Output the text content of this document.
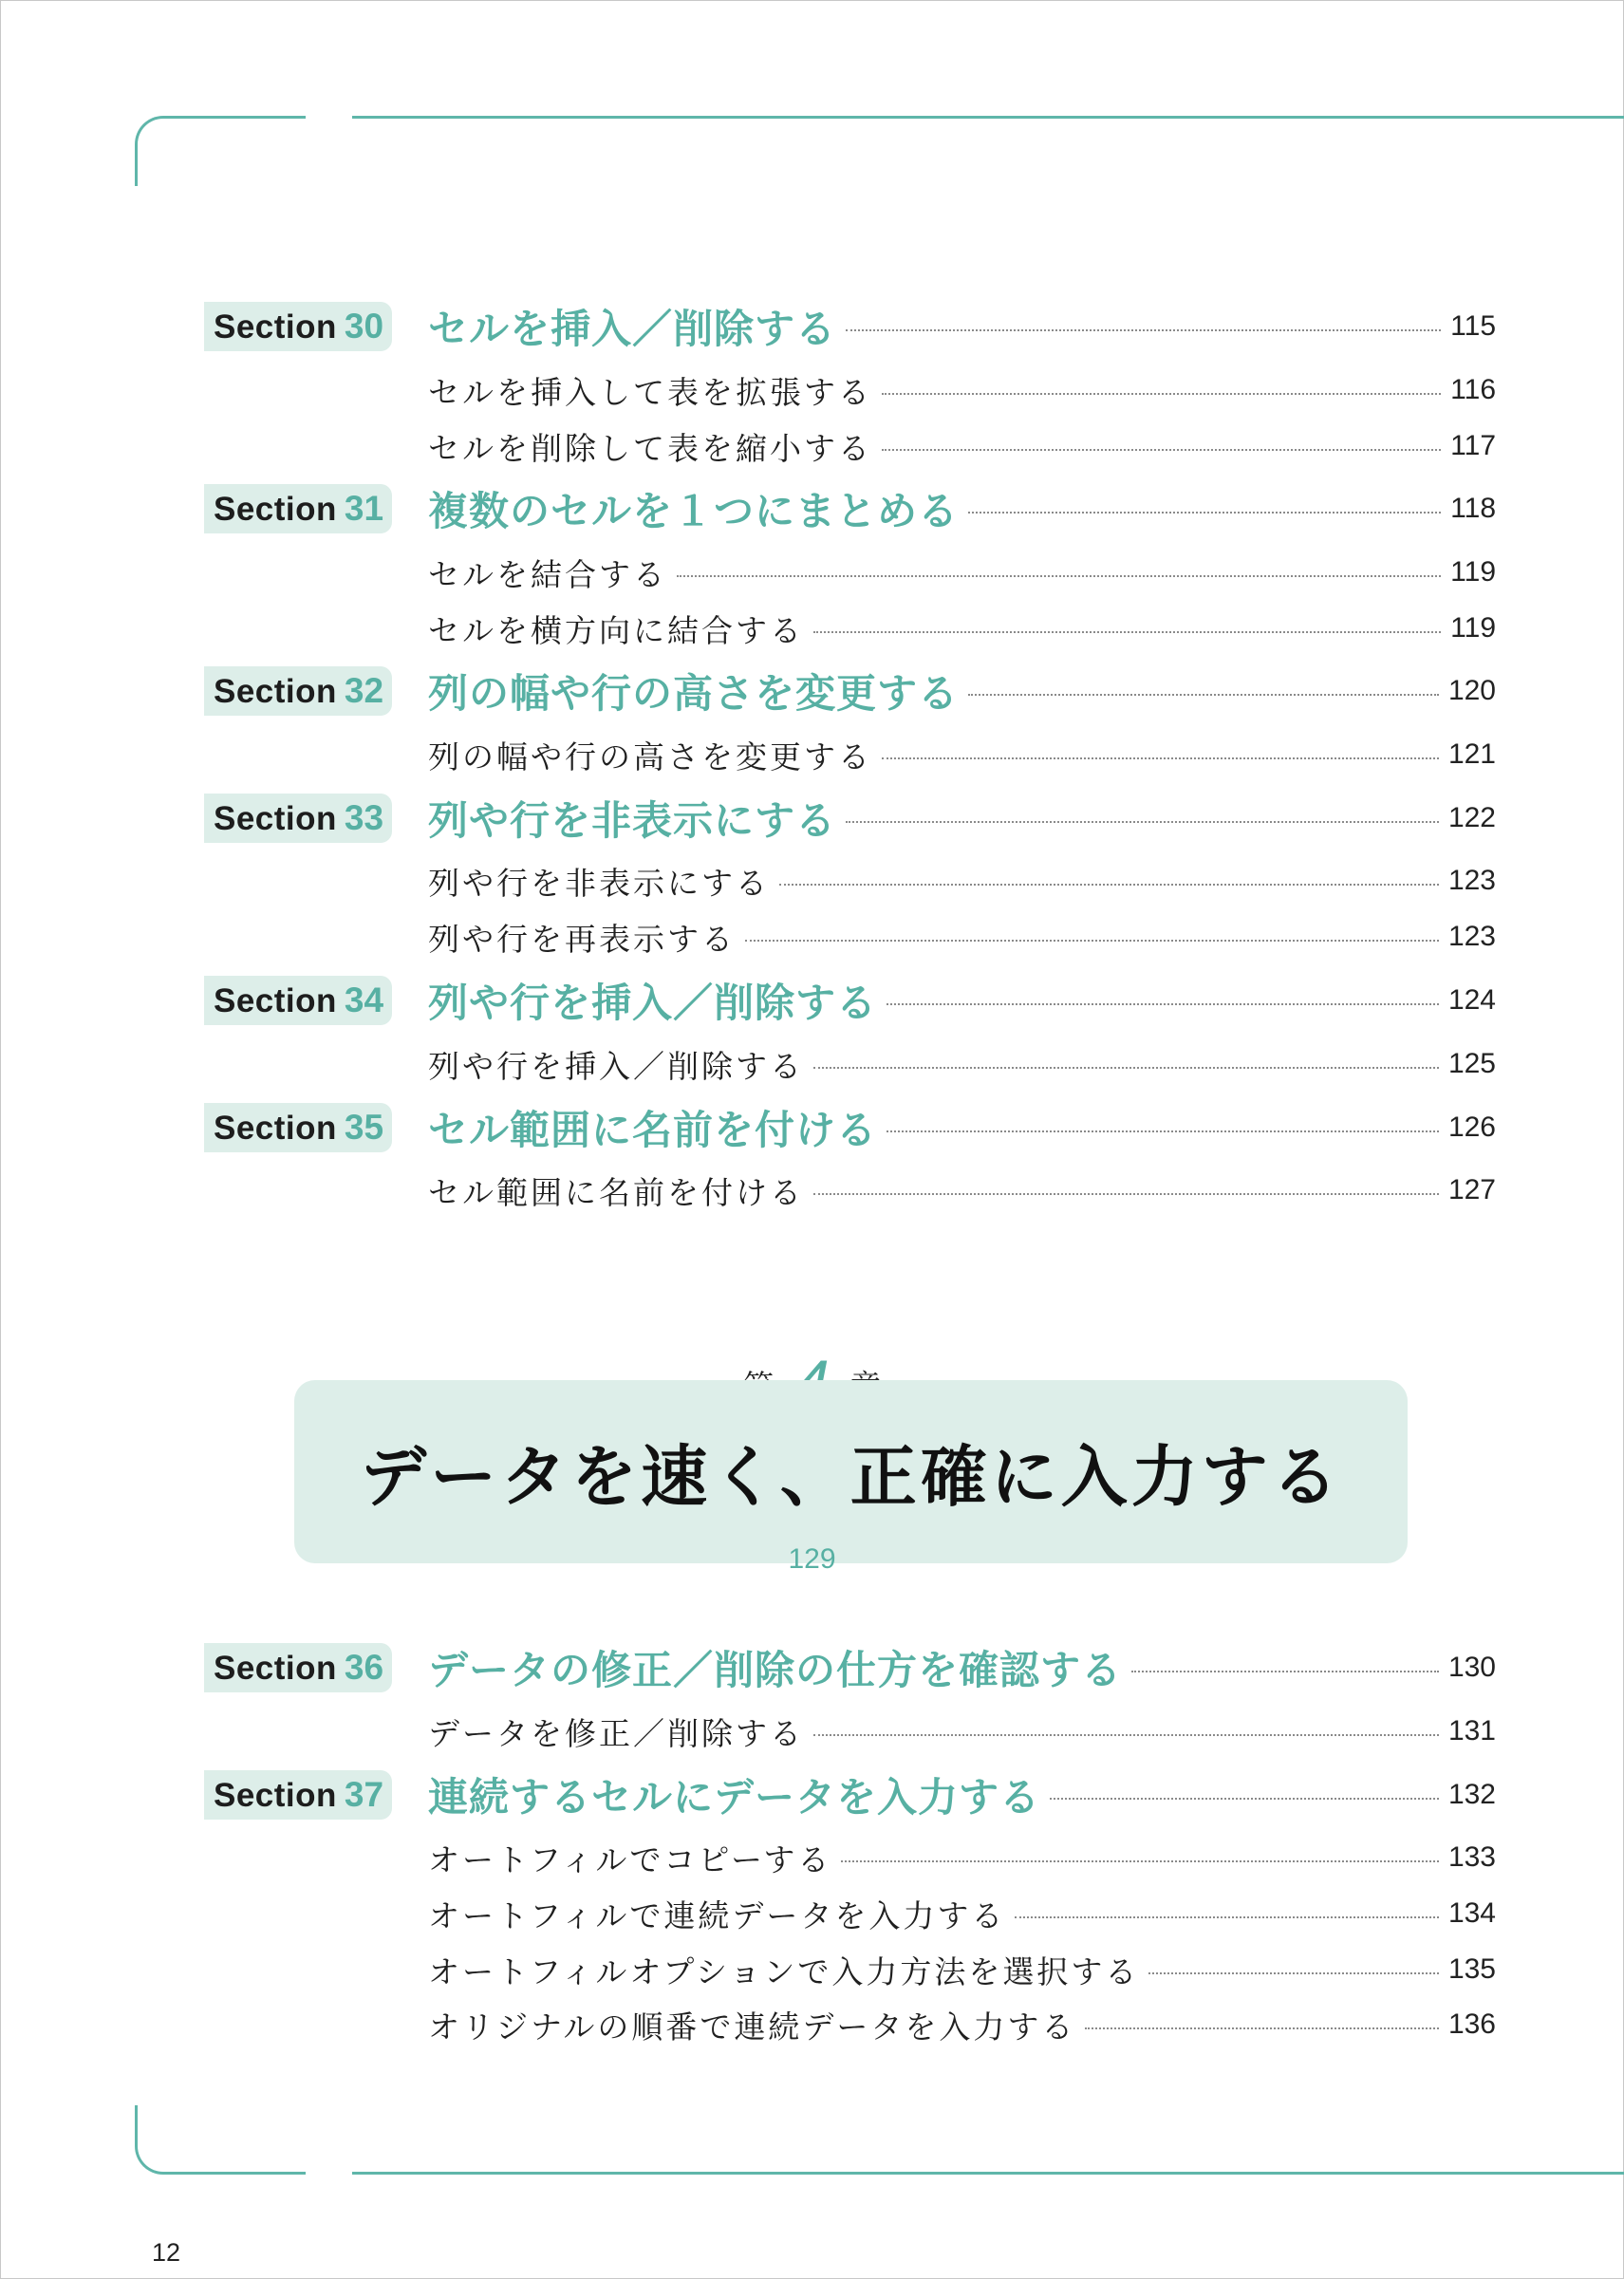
Section 30 セルを挿入／削除する	115
セルを挿入して表を拡張する	116
セルを削除して表を縮小する	117
Section 31 複数のセルを１つにまとめる	118
セルを結合する	119
セルを横方向に結合する	119
Section 32 列の幅や行の高さを変更する	120
列の幅や行の高さを変更する	121
Section 33 列や行を非表示にする	122
列や行を非表示にする	123
列や行を再表示する	123
Section 34 列や行を挿入／削除する	124
列や行を挿入／削除する	125
Section 35 セル範囲に名前を付ける	126
セル範囲に名前を付ける	127
データを速く、正確に入力する
129
Section 36 データの修正／削除の仕方を確認する	130
データを修正／削除する	131
Section 37 連続するセルにデータを入力する	132
オートフィルでコピーする	133
オートフィルで連続データを入力する	134
オートフィルオプションで入力方法を選択する	135
オリジナルの順番で連続データを入力する	136
12
